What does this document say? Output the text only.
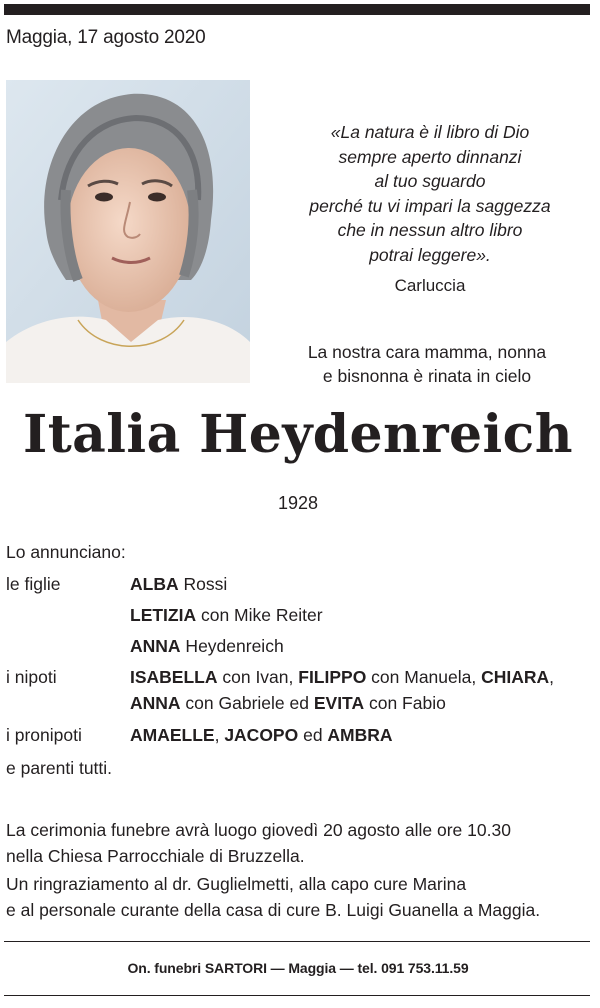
Maggia, 17 agosto 2020
«La natura è il libro di Dio
sempre aperto dinnanzi
al tuo sguardo
perché tu vi impari la saggezza
che in nessun altro libro
potrai leggere».
Carluccia
La nostra cara mamma, nonna
e bisnonna è rinata in cielo
Italia Heydenreich
1928
Lo annunciano:
le figlie	ALBA Rossi
LETIZIA con Mike Reiter
ANNA Heydenreich
i nipoti	ISABELLA con Ivan, FILIPPO con Manuela, CHIARA,
ANNA con Gabriele ed EVITA con Fabio
i pronipoti	AMAELLE, JACOPO ed AMBRA
e parenti tutti.
La cerimonia funebre avrà luogo giovedì 20 agosto alle ore 10.30
nella Chiesa Parrocchiale di Bruzzella.
Un ringraziamento al dr. Guglielmetti, alla capo cure Marina
e al personale curante della casa di cure B. Luigi Guanella a Maggia.
On. funebri SARTORI — Maggia — tel. 091 753.11.59
